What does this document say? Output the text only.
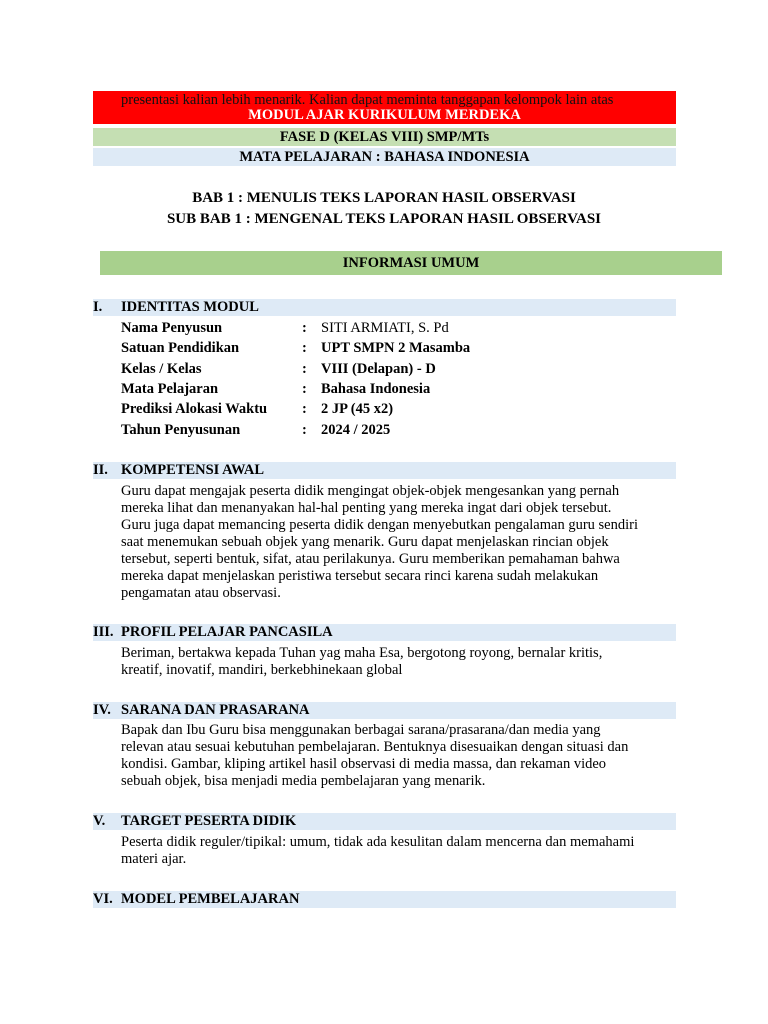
presentasi kalian lebih menarik. Kalian dapat meminta tanggapan kelompok lain atas
MODUL AJAR KURIKULUM MERDEKA
FASE D (KELAS VIII) SMP/MTs
MATA PELAJARAN : BAHASA INDONESIA
BAB 1 : MENULIS TEKS LAPORAN HASIL OBSERVASI
SUB BAB 1 : MENGENAL TEKS LAPORAN HASIL OBSERVASI
INFORMASI UMUM
I. IDENTITAS MODUL
Nama Penyusun	: SITI ARMIATI, S. Pd
Satuan Pendidikan	: UPT SMPN 2 Masamba
Kelas / Kelas	: VIII (Delapan) - D
Mata Pelajaran	: Bahasa Indonesia
Prediksi Alokasi Waktu : 2 JP (45 x2)
Tahun Penyusunan	: 2024 / 2025
II. KOMPETENSI AWAL
Guru dapat mengajak peserta didik mengingat objek-objek mengesankan yang pernah
mereka lihat dan menanyakan hal-hal penting yang mereka ingat dari objek tersebut.
Guru juga dapat memancing peserta didik dengan menyebutkan pengalaman guru sendiri
saat menemukan sebuah objek yang menarik. Guru dapat menjelaskan rincian objek
tersebut, seperti bentuk, sifat, atau perilakunya. Guru memberikan pemahaman bahwa
mereka dapat menjelaskan peristiwa tersebut secara rinci karena sudah melakukan
pengamatan atau observasi.
III. PROFIL PELAJAR PANCASILA
Beriman, bertakwa kepada Tuhan yag maha Esa, bergotong royong, bernalar kritis,
kreatif, inovatif, mandiri, berkebhinekaan global
IV. SARANA DAN PRASARANA
Bapak dan Ibu Guru bisa menggunakan berbagai sarana/prasarana/dan media yang
relevan atau sesuai kebutuhan pembelajaran. Bentuknya disesuaikan dengan situasi dan
kondisi. Gambar, kliping artikel hasil observasi di media massa, dan rekaman video
sebuah objek, bisa menjadi media pembelajaran yang menarik.
V. TARGET PESERTA DIDIK
Peserta didik reguler/tipikal: umum, tidak ada kesulitan dalam mencerna dan memahami
materi ajar.
VI. MODEL PEMBELAJARAN
